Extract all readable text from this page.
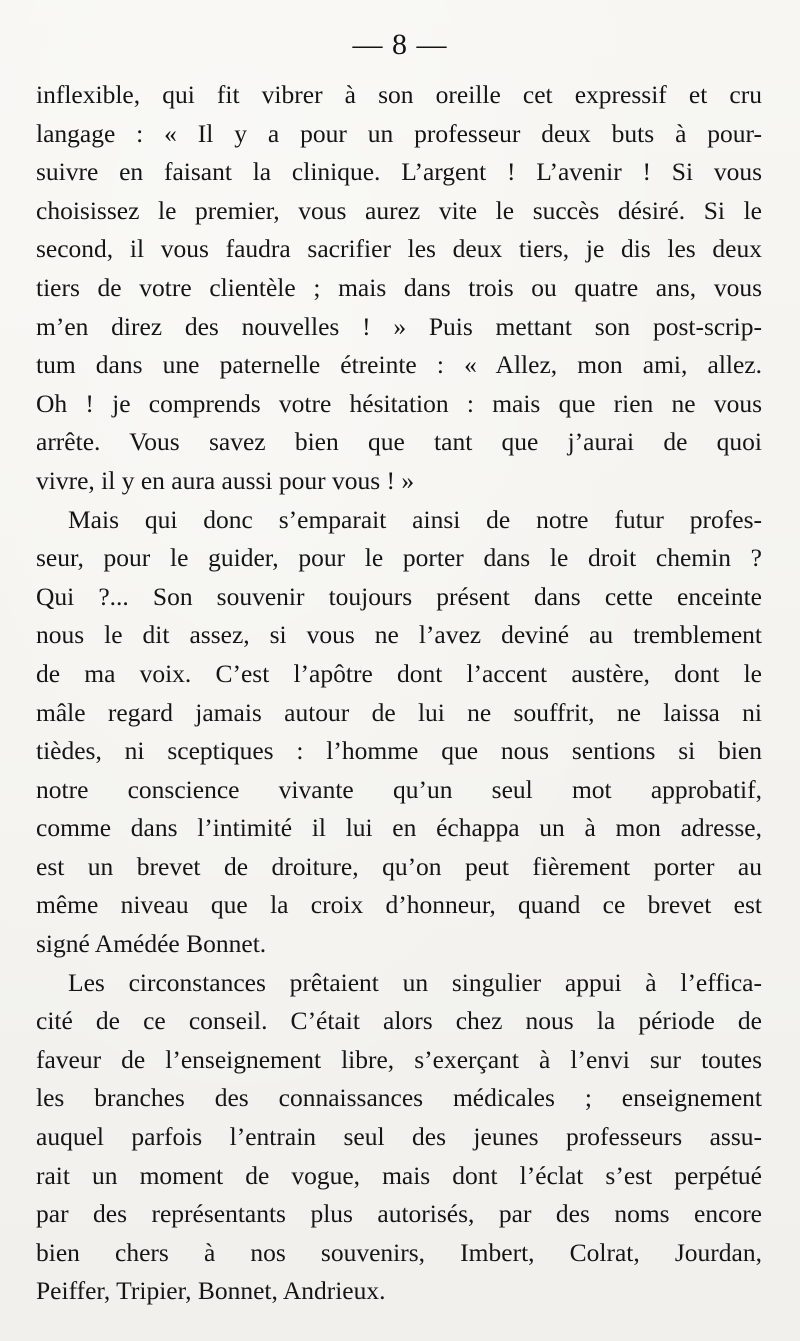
— 8 —
inflexible, qui fit vibrer à son oreille cet expressif et cru
langage : « Il y a pour un professeur deux buts à pour-
suivre en faisant la clinique. L’argent ! L’avenir ! Si vous
choisissez le premier, vous aurez vite le succès désiré. Si le
second, il vous faudra sacrifier les deux tiers, je dis les deux
tiers de votre clientèle ; mais dans trois ou quatre ans, vous
m’en direz des nouvelles ! » Puis mettant son post-scrip-
tum dans une paternelle étreinte : « Allez, mon ami, allez.
Oh ! je comprends votre hésitation : mais que rien ne vous
arrête. Vous savez bien que tant que j’aurai de quoi
vivre, il y en aura aussi pour vous ! »
Mais qui donc s’emparait ainsi de notre futur profes-
seur, pour le guider, pour le porter dans le droit chemin ?
Qui ?... Son souvenir toujours présent dans cette enceinte
nous le dit assez, si vous ne l’avez deviné au tremblement
de ma voix. C’est l’apôtre dont l’accent austère, dont le
mâle regard jamais autour de lui ne souffrit, ne laissa ni
tièdes, ni sceptiques : l’homme que nous sentions si bien
notre conscience vivante qu’un seul mot approbatif,
comme dans l’intimité il lui en échappa un à mon adresse,
est un brevet de droiture, qu’on peut fièrement porter au
même niveau que la croix d’honneur, quand ce brevet est
signé Amédée Bonnet.
Les circonstances prêtaient un singulier appui à l’effica-
cité de ce conseil. C’était alors chez nous la période de
faveur de l’enseignement libre, s’exerçant à l’envi sur toutes
les branches des connaissances médicales ; enseignement
auquel parfois l’entrain seul des jeunes professeurs assu-
rait un moment de vogue, mais dont l’éclat s’est perpétué
par des représentants plus autorisés, par des noms encore
bien chers à nos souvenirs, Imbert, Colrat, Jourdan,
Peiffer, Tripier, Bonnet, Andrieux.
